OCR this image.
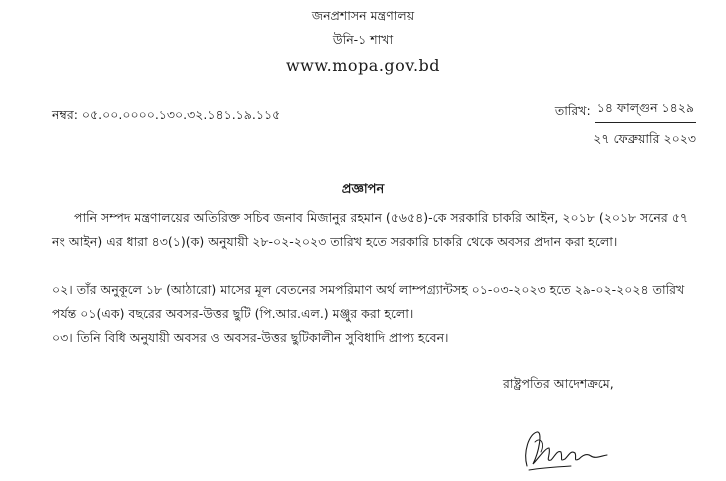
জনপ্রশাসন মন্ত্রণালয়
উনি-১ শাখা
www.mopa.gov.bd
নম্বর: ০৫.০০.০০০০.১৩০.৩২.১৪১.১৯.১১৫	তারিখ: ১৪ ফাল্গুন ১৪২৯
২৭ ফেব্রুয়ারি ২০২৩
প্রজ্ঞাপন
পানি সম্পদ মন্ত্রণালয়ের অতিরিক্ত সচিব জনাব মিজানুর রহমান (৫৬৫৪)-কে সরকারি চাকরি আইন, ২০১৮ (২০১৮ সনের ৫৭ নং আইন) এর ধারা ৪৩(১)(ক) অনুযায়ী ২৮-০২-২০২৩ তারিখ হতে সরকারি চাকরি থেকে অবসর প্রদান করা হলো।
০২। তাঁর অনুকূলে ১৮ (আঠারো) মাসের মূল বেতনের সমপরিমাণ অর্থ লাম্পগ্র্যান্টসহ ০১-০৩-২০২৩ হতে ২৯-০২-২০২৪ তারিখ পর্যন্ত ০১(এক) বছরের অবসর-উত্তর ছুটি (পি.আর.এল.) মঞ্জুর করা হলো।
০৩। তিনি বিধি অনুযায়ী অবসর ও অবসর-উত্তর ছুটিকালীন সুবিধাদি প্রাপ্য হবেন।
রাষ্ট্রপতির আদেশক্রমে,
